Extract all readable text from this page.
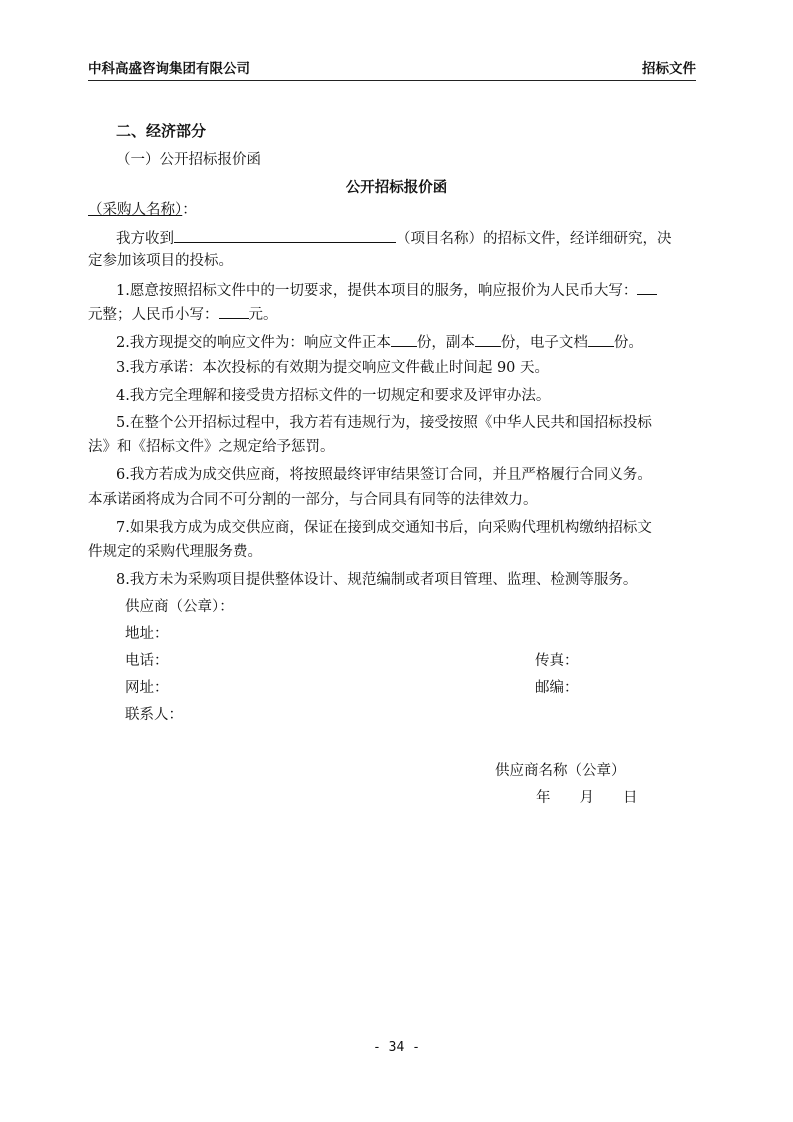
中科高盛咨询集团有限公司	招标文件
二、经济部分
（一）公开招标报价函
公开招标报价函
（采购人名称）：
我方收到	（项目名称）的招标文件，经详细研究，决
定参加该项目的投标。
1.愿意按照招标文件中的一切要求，提供本项目的服务，响应报价为人民币大写：
元整；人民币小写： 元。
2.我方现提交的响应文件为：响应文件正本 份，副本 份，电子文档 份。
3.我方承诺：本次投标的有效期为提交响应文件截止时间起 90 天。
4.我方完全理解和接受贵方招标文件的一切规定和要求及评审办法。
5.在整个公开招标过程中，我方若有违规行为，接受按照《中华人民共和国招标投标
法》和《招标文件》之规定给予惩罚。
6.我方若成为成交供应商，将按照最终评审结果签订合同，并且严格履行合同义务。
本承诺函将成为合同不可分割的一部分，与合同具有同等的法律效力。
7.如果我方成为成交供应商，保证在接到成交通知书后，向采购代理机构缴纳招标文
件规定的采购代理服务费。
8.我方未为采购项目提供整体设计、规范编制或者项目管理、监理、检测等服务。
供应商（公章）：
地址：
电话：	传真：
网址：	邮编：
联系人：
供应商名称（公章）
年　　月　　日
- 34 -
